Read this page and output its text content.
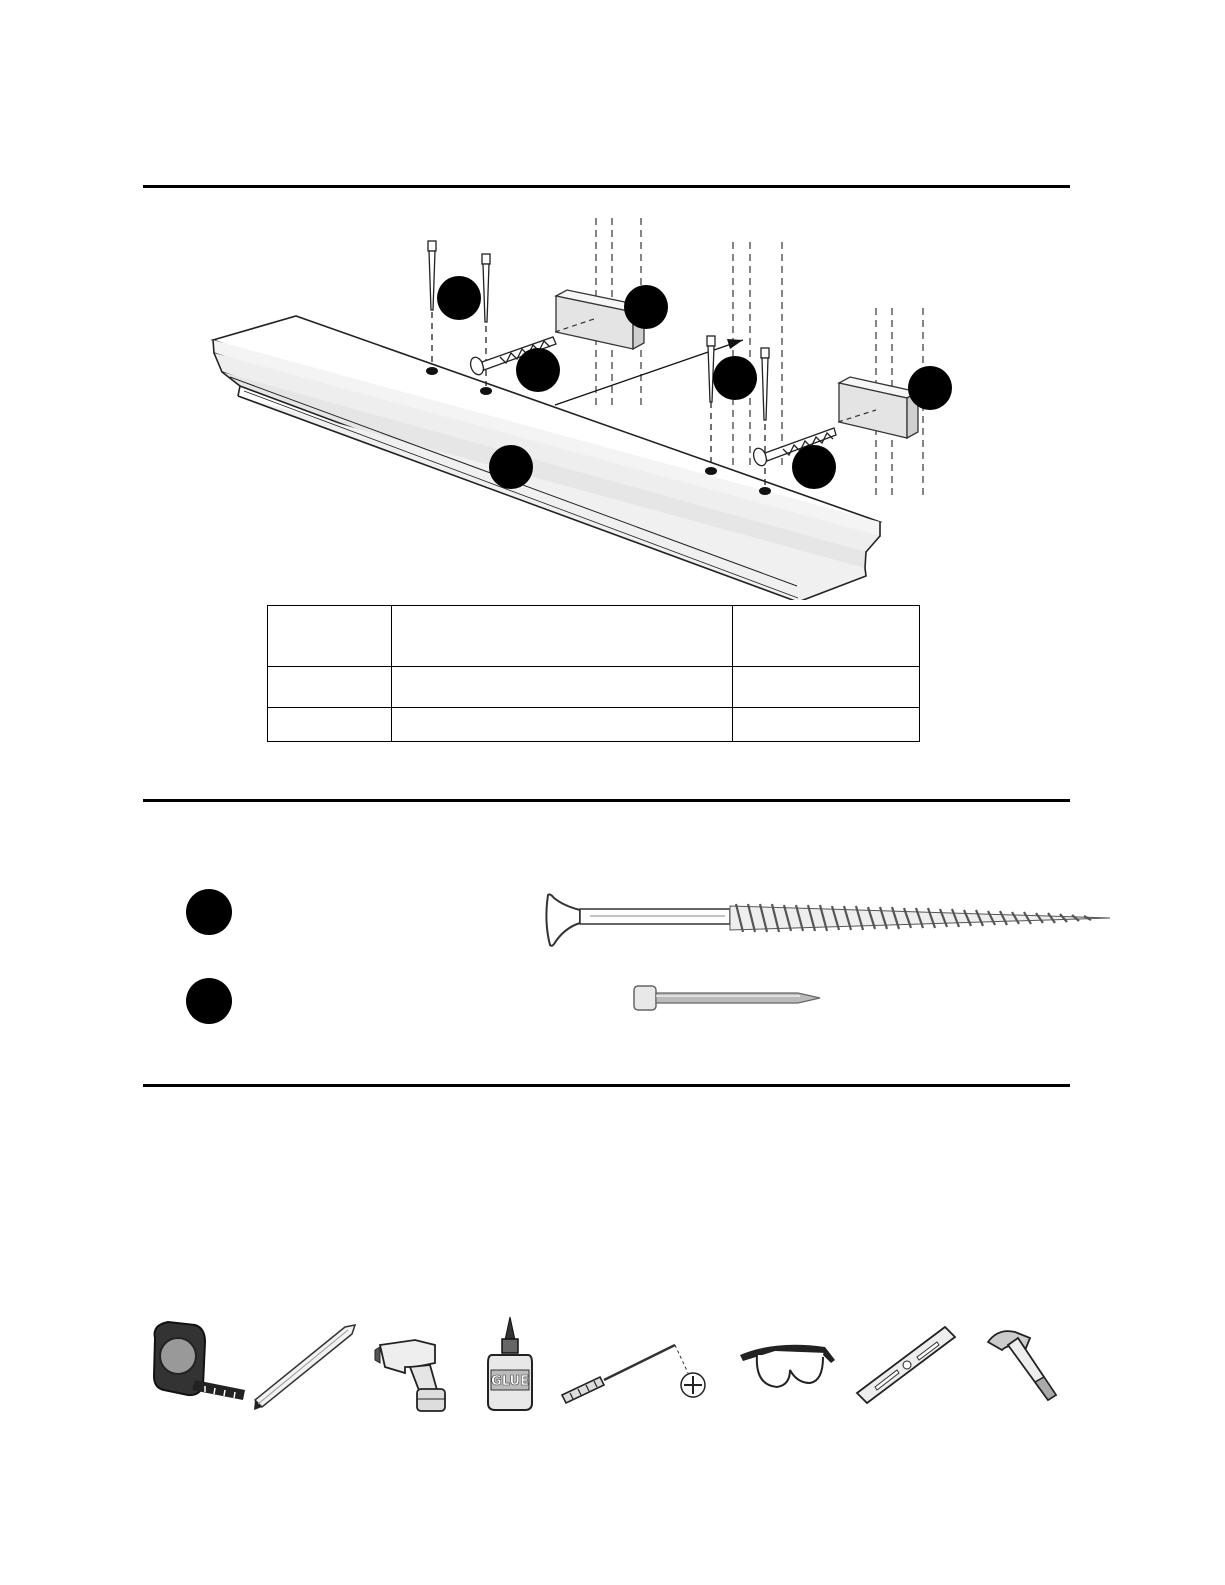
GLUE
